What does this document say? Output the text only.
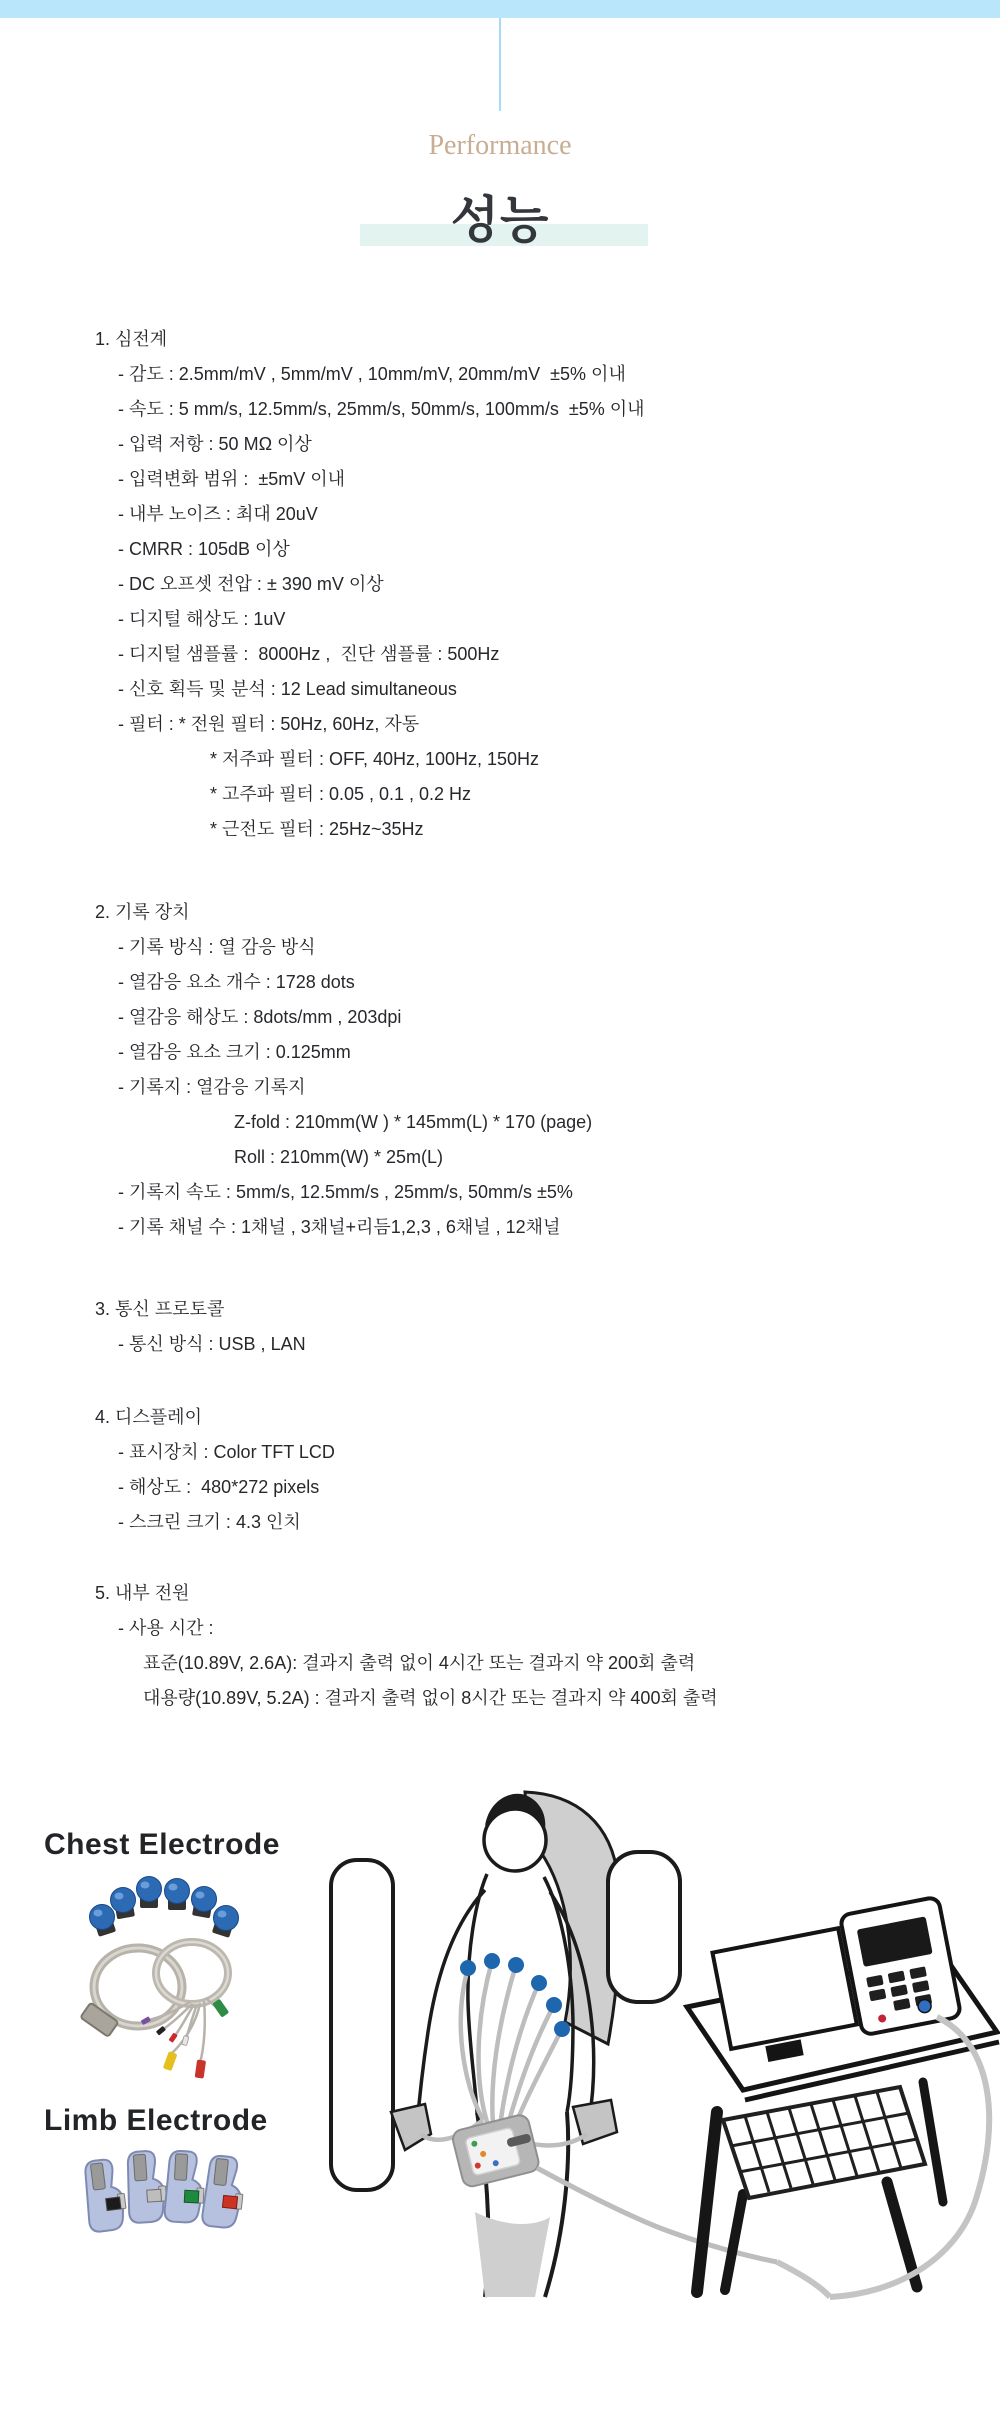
Performance
성능
1. 심전계
- 감도 : 2.5mm/mV , 5mm/mV , 10mm/mV, 20mm/mV  ±5% 이내
- 속도 : 5 mm/s, 12.5mm/s, 25mm/s, 50mm/s, 100mm/s  ±5% 이내
- 입력 저항 : 50 MΩ 이상
- 입력변화 범위 :  ±5mV 이내
- 내부 노이즈 : 최대 20uV
- CMRR : 105dB 이상
- DC 오프셋 전압 : ± 390 mV 이상
- 디지털 해상도 : 1uV
- 디지털 샘플률 :  8000Hz ,  진단 샘플률 : 500Hz
- 신호 획득 및 분석 : 12 Lead simultaneous
- 필터 : * 전원 필터 : 50Hz, 60Hz, 자동
* 저주파 필터 : OFF, 40Hz, 100Hz, 150Hz
* 고주파 필터 : 0.05 , 0.1 , 0.2 Hz
* 근전도 필터 : 25Hz~35Hz
2. 기록 장치
- 기록 방식 : 열 감응 방식
- 열감응 요소 개수 : 1728 dots
- 열감응 해상도 : 8dots/mm , 203dpi
- 열감응 요소 크기 : 0.125mm
- 기록지 : 열감응 기록지
Z-fold : 210mm(W ) * 145mm(L) * 170 (page)
Roll : 210mm(W) * 25m(L)
- 기록지 속도 : 5mm/s, 12.5mm/s , 25mm/s, 50mm/s ±5%
- 기록 채널 수 : 1채널 , 3채널+리듬1,2,3 , 6채널 , 12채널
3. 통신 프로토콜
- 통신 방식 : USB , LAN
4. 디스플레이
- 표시장치 : Color TFT LCD
- 해상도 :  480*272 pixels
- 스크린 크기 : 4.3 인치
5. 내부 전원
- 사용 시간 :
표준(10.89V, 2.6A): 결과지 출력 없이 4시간 또는 결과지 약 200회 출력
대용량(10.89V, 5.2A) : 결과지 출력 없이 8시간 또는 결과지 약 400회 출력
Chest Electrode
Limb Electrode
